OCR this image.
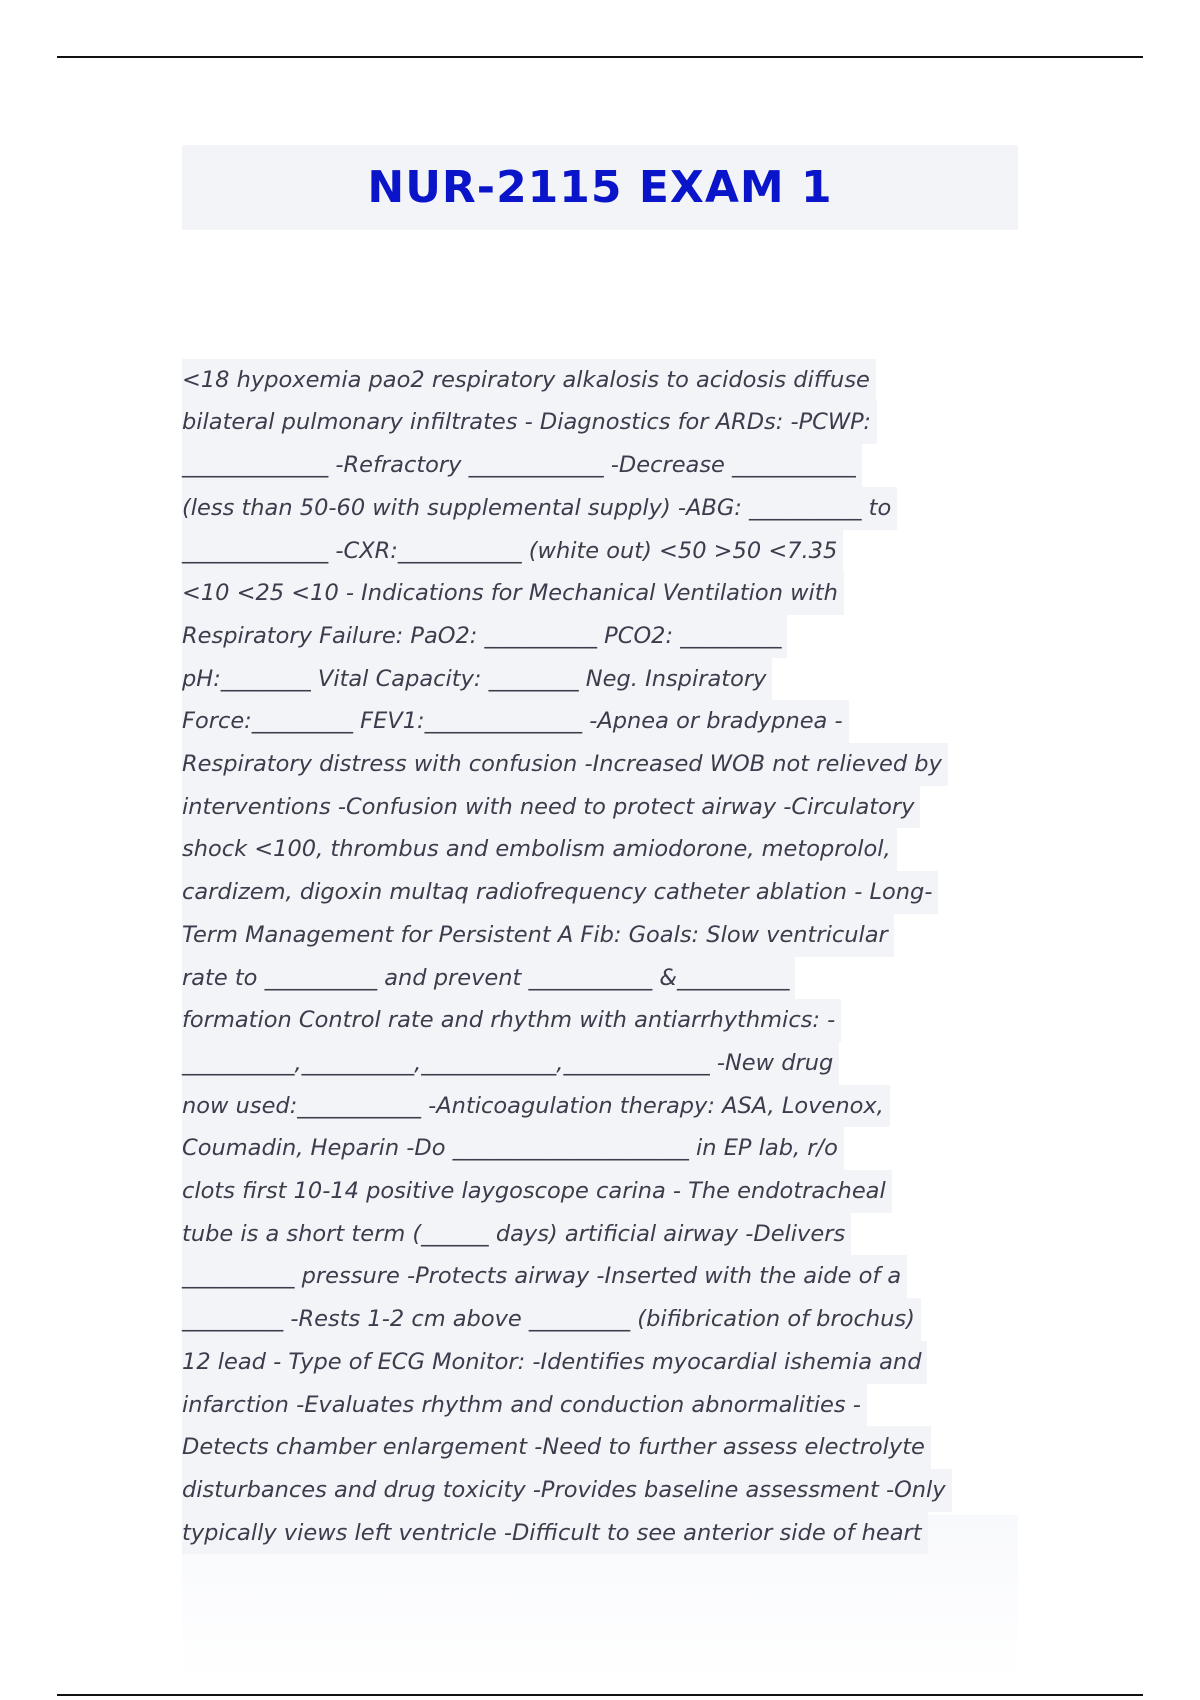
NUR-2115 EXAM 1

<18 hypoxemia pao2 respiratory alkalosis to acidosis diffuse
bilateral pulmonary infiltrates - Diagnostics for ARDs: -PCWP:
_____________ -Refractory ____________ -Decrease ___________
(less than 50-60 with supplemental supply) -ABG: __________ to
_____________ -CXR:___________ (white out) <50 >50 <7.35
<10 <25 <10 - Indications for Mechanical Ventilation with
Respiratory Failure: PaO2: __________ PCO2: _________
pH:________ Vital Capacity: ________ Neg. Inspiratory
Force:_________ FEV1:______________ -Apnea or bradypnea -
Respiratory distress with confusion -Increased WOB not relieved by
interventions -Confusion with need to protect airway -Circulatory
shock <100, thrombus and embolism amiodorone, metoprolol,
cardizem, digoxin multaq radiofrequency catheter ablation - Long-
Term Management for Persistent A Fib: Goals: Slow ventricular
rate to __________ and prevent ___________ &__________
formation Control rate and rhythm with antiarrhythmics: -
__________,__________,____________,_____________ -New drug
now used:___________ -Anticoagulation therapy: ASA, Lovenox,
Coumadin, Heparin -Do _____________________ in EP lab, r/o
clots first 10-14 positive laygoscope carina - The endotracheal
tube is a short term (______ days) artificial airway -Delivers
__________ pressure -Protects airway -Inserted with the aide of a
_________ -Rests 1-2 cm above _________ (bifibrication of brochus)
12 lead - Type of ECG Monitor: -Identifies myocardial ishemia and
infarction -Evaluates rhythm and conduction abnormalities -
Detects chamber enlargement -Need to further assess electrolyte
disturbances and drug toxicity -Provides baseline assessment -Only
typically views left ventricle -Difficult to see anterior side of heart
